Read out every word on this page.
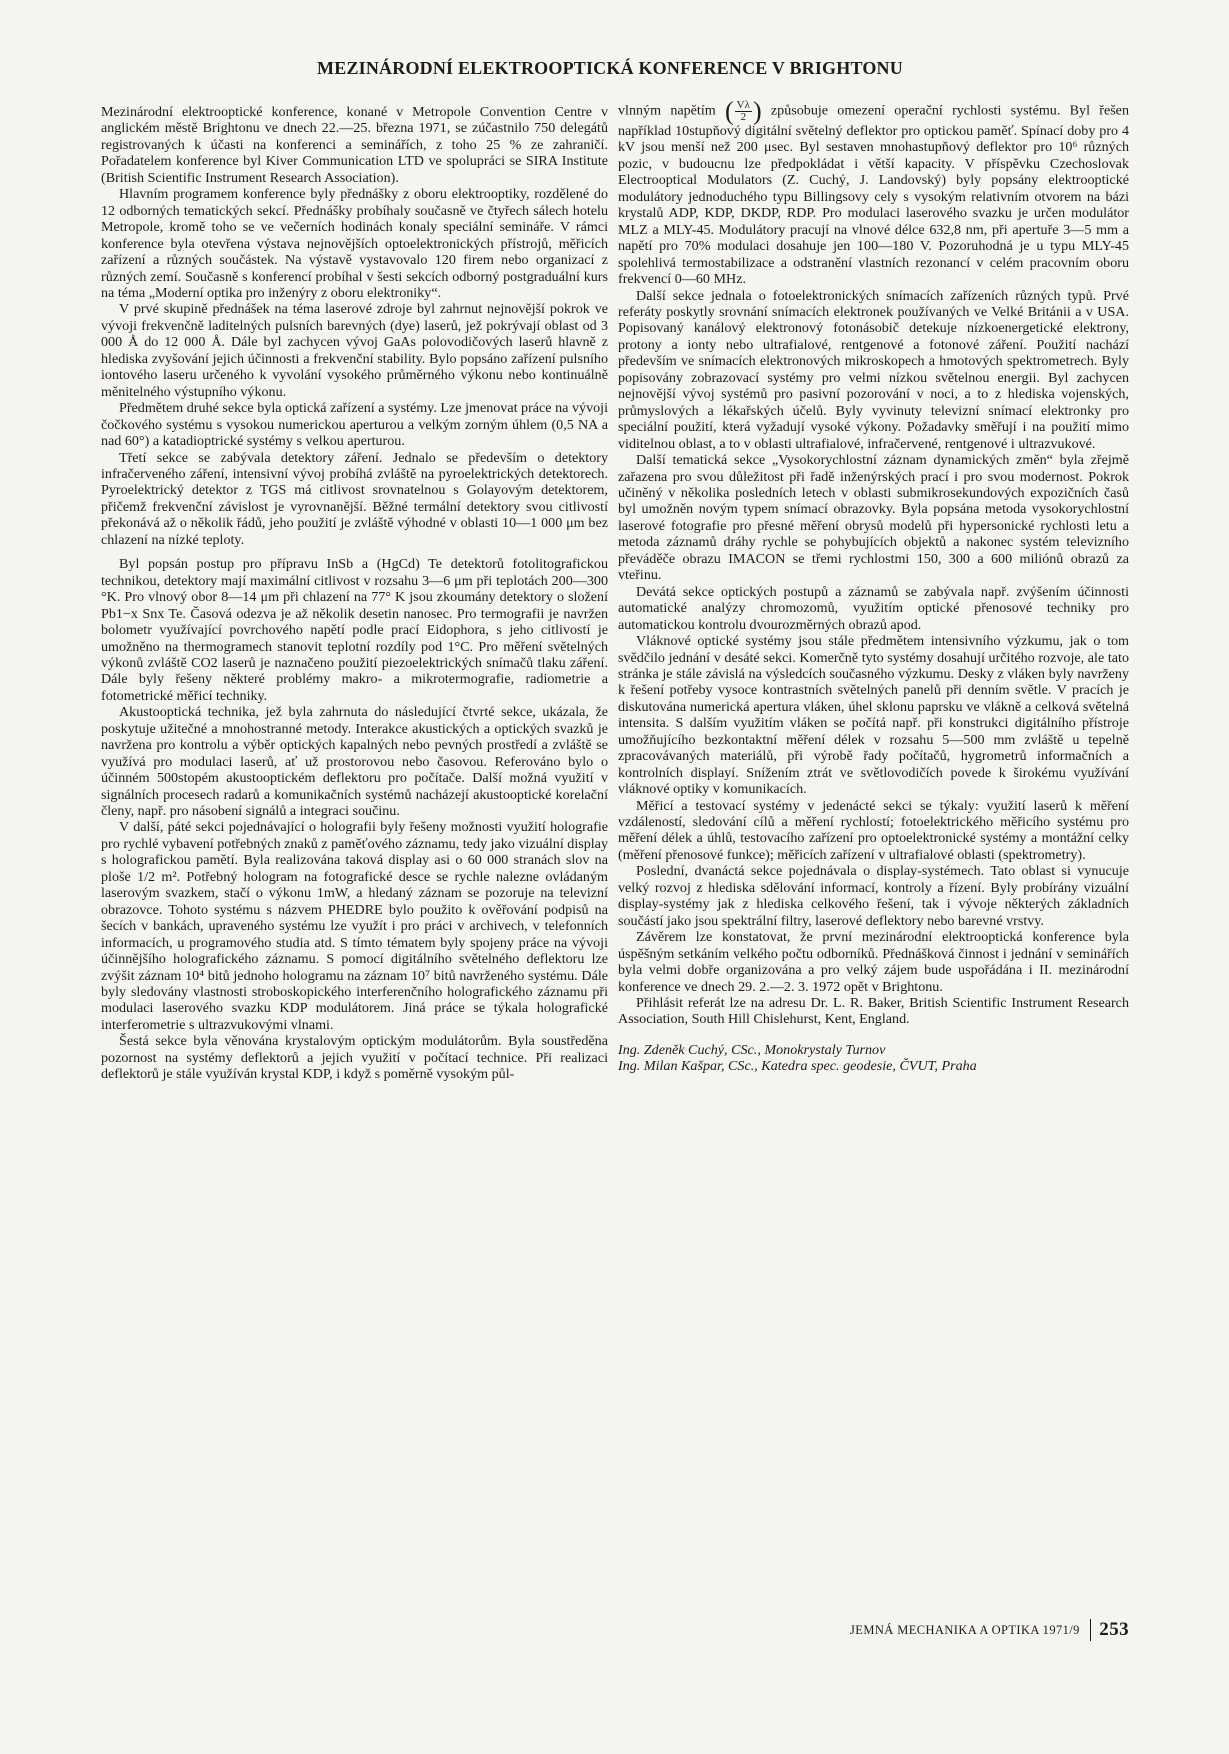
MEZINÁRODNÍ ELEKTROOPTICKÁ KONFERENCE V BRIGHTONU

Mezinárodní elektrooptické konference, konané v Metropole Convention Centre v anglickém městě Brightonu ve dnech 22.—25. března 1971, se zúčastnilo 750 delegátů registrovaných k účasti na konferenci a seminářích, z toho 25 % ze zahraničí. Pořadatelem konference byl Kiver Communication LTD ve spolupráci se SIRA Institute (British Scientific Instrument Research Association).

Hlavním programem konference byly přednášky z oboru elektrooptiky, rozdělené do 12 odborných tematických sekcí. Přednášky probíhaly současně ve čtyřech sálech hotelu Metropole, kromě toho se ve večerních hodinách konaly speciální semináře. V rámci konference byla otevřena výstava nejnovějších optoelektronických přístrojů, měřicích zařízení a různých součástek. Na výstavě vystavovalo 120 firem nebo organizací z různých zemí. Současně s konferencí probíhal v šesti sekcích odborný postgraduální kurs na téma „Moderní optika pro inženýry z oboru elektroniky“.

V prvé skupině přednášek na téma laserové zdroje byl zahrnut nejnovější pokrok ve vývoji frekvenčně laditelných pulsních barevných (dye) laserů, jež pokrývají oblast od 3 000 Å do 12 000 Å. Dále byl zachycen vývoj GaAs polovodičových laserů hlavně z hlediska zvyšování jejich účinnosti a frekvenční stability. Bylo popsáno zařízení pulsního iontového laseru určeného k vyvolání vysokého průměrného výkonu nebo kontinuálně měnitelného výstupního výkonu.

Předmětem druhé sekce byla optická zařízení a systémy. Lze jmenovat práce na vývoji čočkového systému s vysokou numerickou aperturou a velkým zorným úhlem (0,5 NA a nad 60°) a katadioptrické systémy s velkou aperturou.

Třetí sekce se zabývala detektory záření. Jednalo se především o detektory infračerveného záření, intensivní vývoj probíhá zvláště na pyroelektrických detektorech. Pyroelektrický detektor z TGS má citlivost srovnatelnou s Golayovým detektorem, přičemž frekvenční závislost je vyrovnanější. Běžné termální detektory svou citlivostí překonává až o několik řádů, jeho použití je zvláště výhodné v oblasti 10—1 000 μm bez chlazení na nízké teploty.

Byl popsán postup pro přípravu InSb a (HgCd) Te detektorů fotolitografickou technikou, detektory mají maximální citlivost v rozsahu 3—6 μm při teplotách 200—300 °K. Pro vlnový obor 8—14 μm při chlazení na 77° K jsou zkoumány detektory o složení Pb1−x Snx Te. Časová odezva je až několik desetin nanosec. Pro termografii je navržen bolometr využívající povrchového napětí podle prací Eidophora, s jeho citlivostí je umožněno na thermogramech stanovit teplotní rozdíly pod 1°C. Pro měření světelných výkonů zvláště CO2 laserů je naznačeno použití piezoelektrických snímačů tlaku záření. Dále byly řešeny některé problémy makro- a mikrotermografie, radiometrie a fotometrické měřicí techniky.

Akustooptická technika, jež byla zahrnuta do následující čtvrté sekce, ukázala, že poskytuje užitečné a mnohostranné metody. Interakce akustických a optických svazků je navržena pro kontrolu a výběr optických kapalných nebo pevných prostředí a zvláště se využívá pro modulaci laserů, ať už prostorovou nebo časovou. Referováno bylo o účinném 500stopém akustooptickém deflektoru pro počítače. Další možná využití v signálních procesech radarů a komunikačních systémů nacházejí akustooptické korelační členy, např. pro násobení signálů a integraci součinu.

V další, páté sekci pojednávající o holografii byly řešeny možnosti využití holografie pro rychlé vybavení potřebných znaků z paměťového záznamu, tedy jako vizuální display s holografickou pamětí. Byla realizována taková display asi o 60 000 stranách slov na ploše 1/2 m². Potřebný hologram na fotografické desce se rychle nalezne ovládaným laserovým svazkem, stačí o výkonu 1mW, a hledaný záznam se pozoruje na televizní obrazovce. Tohoto systému s názvem PHEDRE bylo použito k ověřování podpisů na šecích v bankách, upraveného systému lze využít i pro práci v archivech, v telefonních informacích, u programového studia atd. S tímto tématem byly spojeny práce na vývoji účinnějšího holografického záznamu. S pomocí digitálního světelného deflektoru lze zvýšit záznam 10⁴ bitů jednoho hologramu na záznam 10⁷ bitů navrženého systému. Dále byly sledovány vlastnosti stroboskopického interferenčního holografického záznamu při modulaci laserového svazku KDP modulátorem. Jiná práce se týkala holografické interferometrie s ultrazvukovými vlnami.

Šestá sekce byla věnována krystalovým optickým modulátorům. Byla soustředěna pozornost na systémy deflektorů a jejich využití v počítací technice. Při realizaci deflektorů je stále využíván krystal KDP, i když s poměrně vysokým půl-

vlnným napětím ( $\frac{V\lambda}{2}$ ) způsobuje omezení operační rychlosti systému. Byl řešen například 10stupňový digitální světelný deflektor pro optickou paměť. Spínací doby pro 4 kV jsou menší než 200 μsec. Byl sestaven mnohastupňový deflektor pro 10⁶ různých pozic, v budoucnu lze předpokládat i větší kapacity. V příspěvku Czechoslovak Electrooptical Modulators (Z. Cuchý, J. Landovský) byly popsány elektrooptické modulátory jednoduchého typu Billingsovy cely s vysokým relativním otvorem na bázi krystalů ADP, KDP, DKDP, RDP. Pro modulaci laserového svazku je určen modulátor MLZ a MLY-45. Modulátory pracují na vlnové délce 632,8 nm, při apertuře 3—5 mm a napětí pro 70% modulaci dosahuje jen 100—180 V. Pozoruhodná je u typu MLY-45 spolehlivá termostabilizace a odstranění vlastních rezonancí v celém pracovním oboru frekvencí 0—60 MHz.

Další sekce jednala o fotoelektronických snímacích zařízeních různých typů. Prvé referáty poskytly srovnání snímacích elektronek používaných ve Velké Británii a v USA. Popisovaný kanálový elektronový fotonásobič detekuje nízkoenergetické elektrony, protony a ionty nebo ultrafialové, rentgenové a fotonové záření. Použití nachází především ve snímacích elektronových mikroskopech a hmotových spektrometrech. Byly popisovány zobrazovací systémy pro velmi nízkou světelnou energii. Byl zachycen nejnovější vývoj systémů pro pasivní pozorování v noci, a to z hlediska vojenských, průmyslových a lékařských účelů. Byly vyvinuty televizní snímací elektronky pro speciální použití, která vyžadují vysoké výkony. Požadavky směřují i na použití mimo viditelnou oblast, a to v oblasti ultrafialové, infračervené, rentgenové i ultrazvukové.

Další tematická sekce „Vysokorychlostní záznam dynamických změn“ byla zřejmě zařazena pro svou důležitost při řadě inženýrských prací i pro svou modernost. Pokrok učiněný v několika posledních letech v oblasti submikrosekundových expozičních časů byl umožněn novým typem snímací obrazovky. Byla popsána metoda vysokorychlostní laserové fotografie pro přesné měření obrysů modelů při hypersonické rychlosti letu a metoda záznamů dráhy rychle se pohybujících objektů a nakonec systém televizního převáděče obrazu IMACON se třemi rychlostmi 150, 300 a 600 miliónů obrazů za vteřinu.

Devátá sekce optických postupů a záznamů se zabývala např. zvýšením účinnosti automatické analýzy chromozomů, využitím optické přenosové techniky pro automatickou kontrolu dvourozměrných obrazů apod.

Vláknové optické systémy jsou stále předmětem intensivního výzkumu, jak o tom svědčilo jednání v desáté sekci. Komerčně tyto systémy dosahují určitého rozvoje, ale tato stránka je stále závislá na výsledcích současného výzkumu. Desky z vláken byly navrženy k řešení potřeby vysoce kontrastních světelných panelů při denním světle. V pracích je diskutována numerická apertura vláken, úhel sklonu paprsku ve vlákně a celková světelná intensita. S dalším využitím vláken se počítá např. při konstrukci digitálního přístroje umožňujícího bezkontaktní měření délek v rozsahu 5—500 mm zvláště u tepelně zpracovávaných materiálů, při výrobě řady počítačů, hygrometrů informačních a kontrolních displayí. Snížením ztrát ve světlovodičích povede k širokému využívání vláknové optiky v komunikacích.

Měřicí a testovací systémy v jedenácté sekci se týkaly: využití laserů k měření vzdáleností, sledování cílů a měření rychlostí; fotoelektrického měřicího systému pro měření délek a úhlů, testovacího zařízení pro optoelektronické systémy a montážní celky (měření přenosové funkce); měřicích zařízení v ultrafialové oblasti (spektrometry).

Poslední, dvanáctá sekce pojednávala o display-systémech. Tato oblast si vynucuje velký rozvoj z hlediska sdělování informací, kontroly a řízení. Byly probírány vizuální display-systémy jak z hlediska celkového řešení, tak i vývoje některých základních součástí jako jsou spektrální filtry, laserové deflektory nebo barevné vrstvy.

Závěrem lze konstatovat, že první mezinárodní elektrooptická konference byla úspěšným setkáním velkého počtu odborníků. Přednášková činnost i jednání v seminářích byla velmi dobře organizována a pro velký zájem bude uspořádána i II. mezinárodní konference ve dnech 29. 2.—2. 3. 1972 opět v Brightonu.

Přihlásit referát lze na adresu Dr. L. R. Baker, British Scientific Instrument Research Association, South Hill Chislehurst, Kent, England.

Ing. Zdeněk Cuchý, CSc., Monokrystaly Turnov

Ing. Milan Kašpar, CSc., Katedra spec. geodesie, ČVUT, Praha

JEMNÁ MECHANIKA A OPTIKA 1971/9 253
